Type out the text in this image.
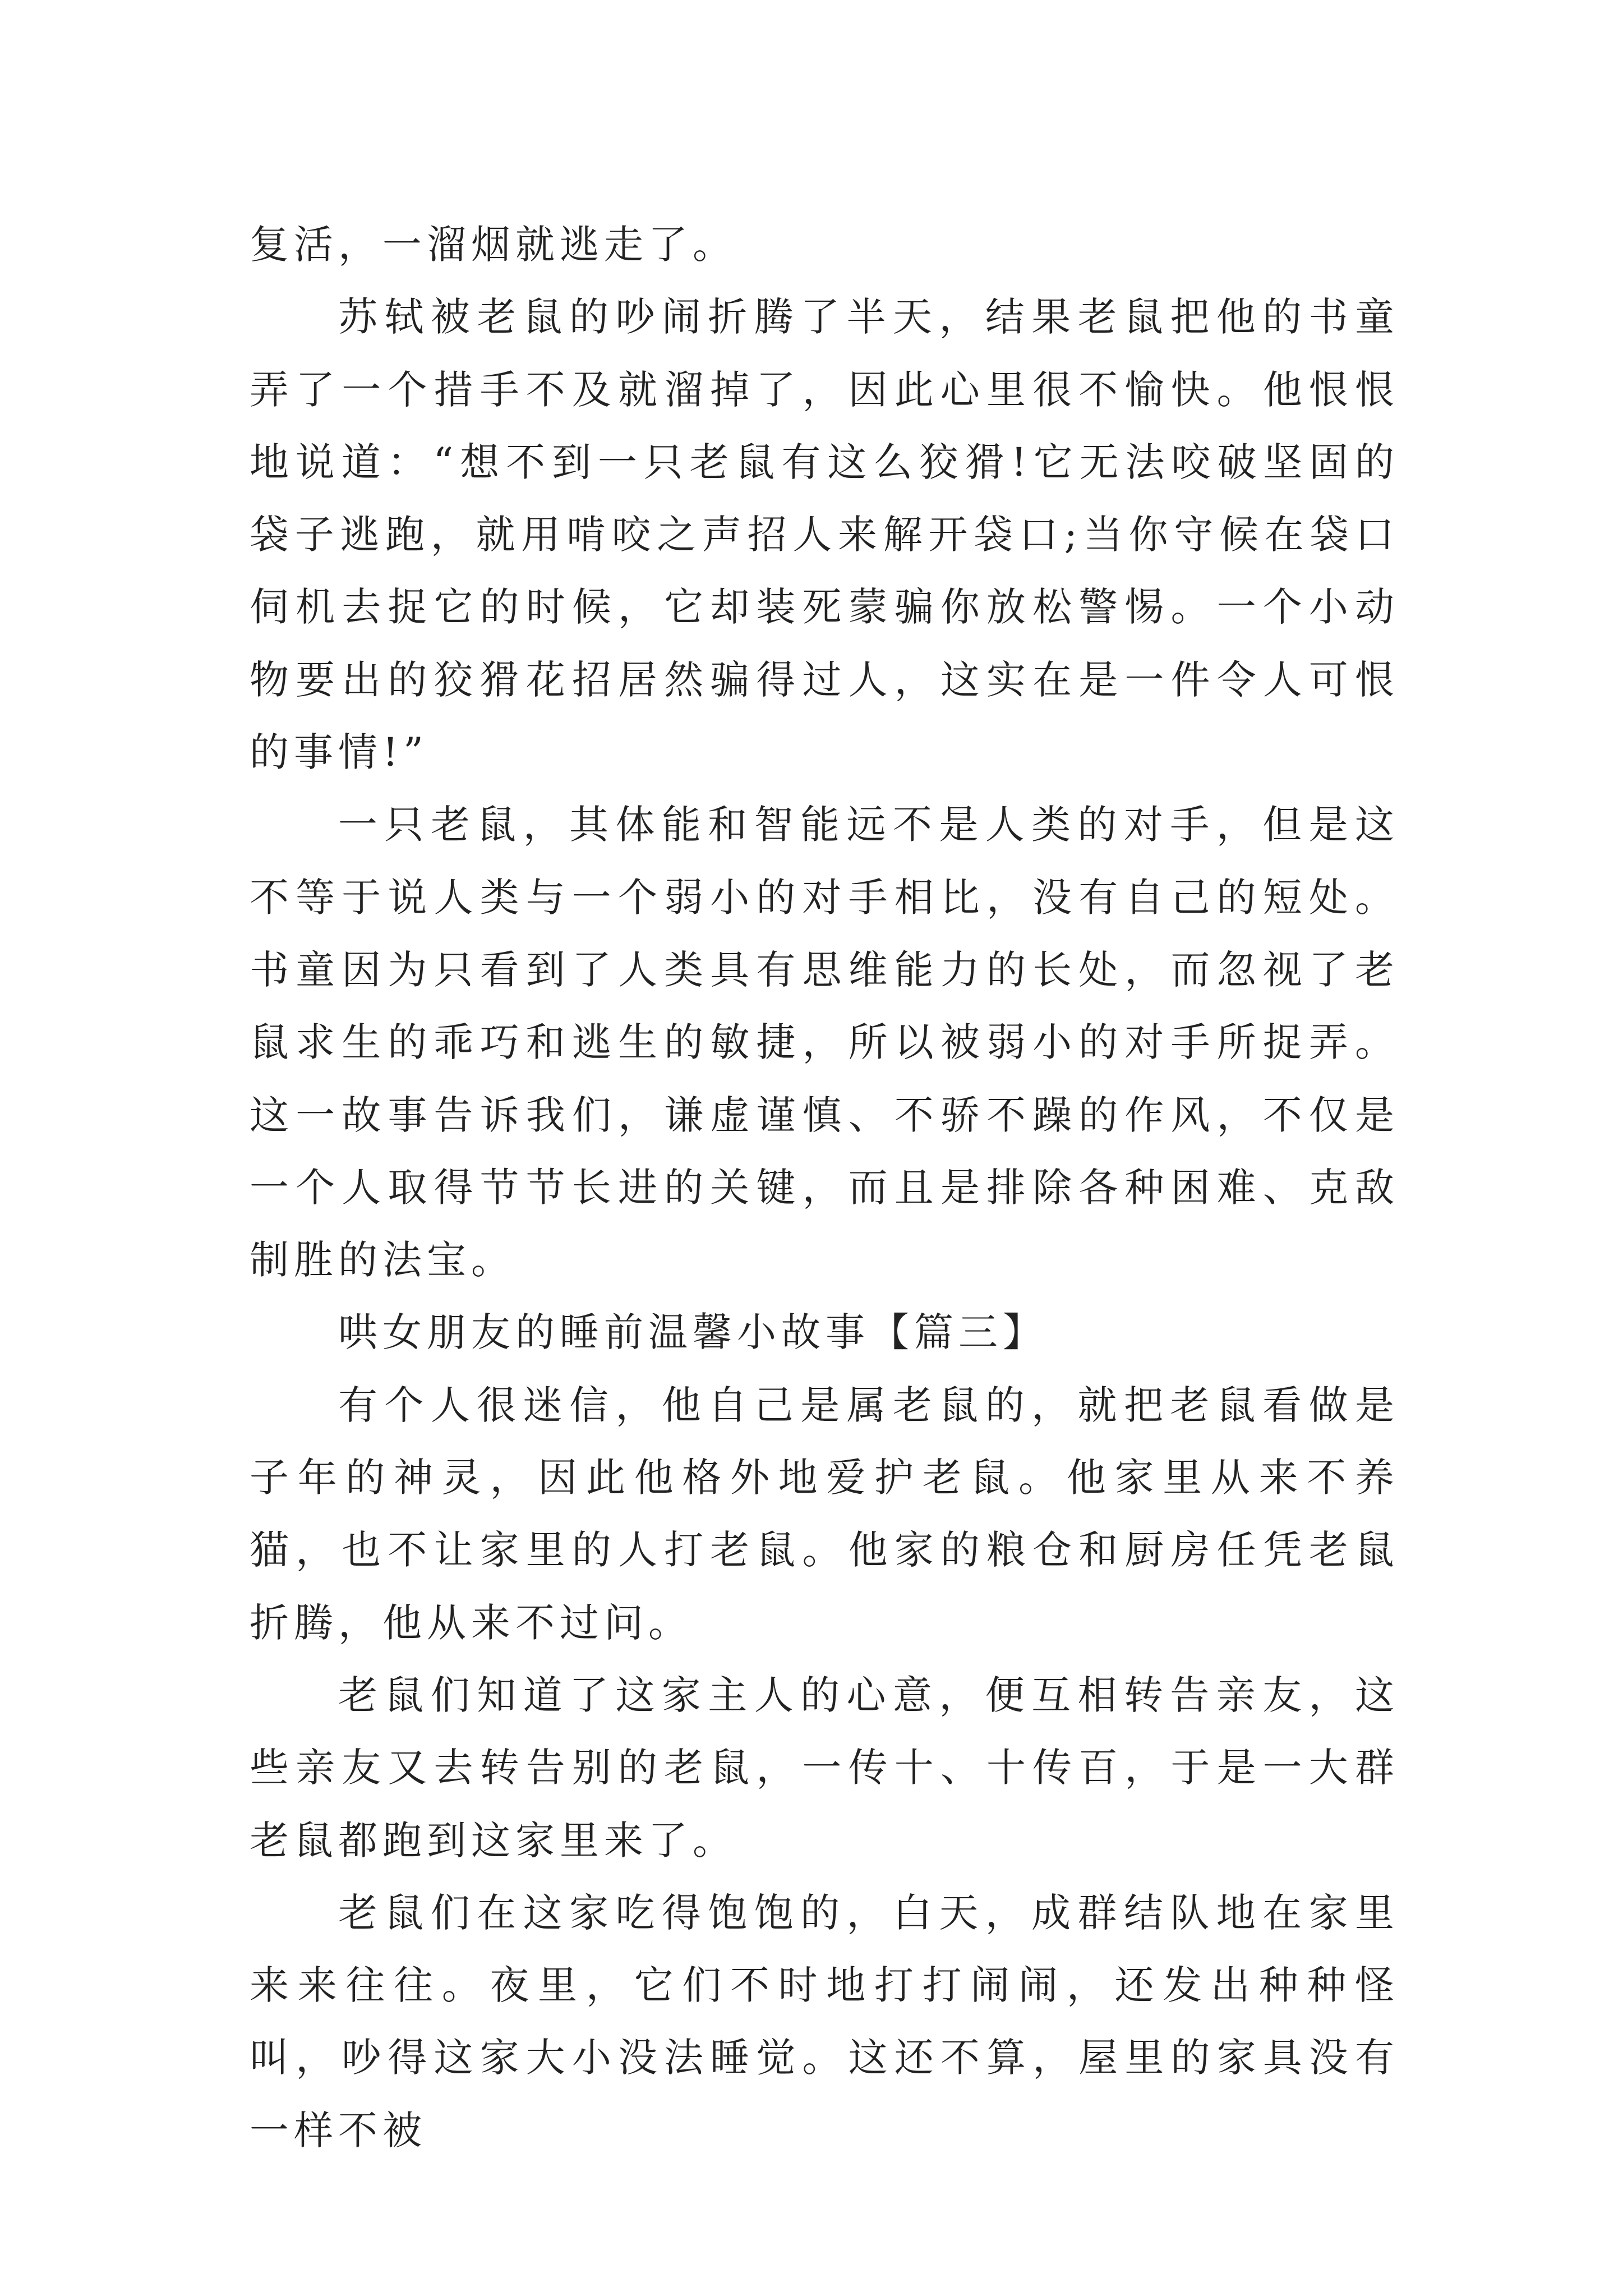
复活，一溜烟就逃走了。

苏轼被老鼠的吵闹折腾了半天，结果老鼠把他的书童弄了一个措手不及就溜掉了，因此心里很不愉快。他恨恨地说道：“想不到一只老鼠有这么狡猾!它无法咬破坚固的袋子逃跑，就用啃咬之声招人来解开袋口;当你守候在袋口伺机去捉它的时候，它却装死蒙骗你放松警惕。一个小动物要出的狡猾花招居然骗得过人，这实在是一件令人可恨的事情!”

一只老鼠，其体能和智能远不是人类的对手，但是这不等于说人类与一个弱小的对手相比，没有自己的短处。书童因为只看到了人类具有思维能力的长处，而忽视了老鼠求生的乖巧和逃生的敏捷，所以被弱小的对手所捉弄。这一故事告诉我们，谦虚谨慎、不骄不躁的作风，不仅是一个人取得节节长进的关键，而且是排除各种困难、克敌制胜的法宝。

哄女朋友的睡前温馨小故事【篇三】

有个人很迷信，他自己是属老鼠的，就把老鼠看做是子年的神灵，因此他格外地爱护老鼠。他家里从来不养猫，也不让家里的人打老鼠。他家的粮仓和厨房任凭老鼠折腾，他从来不过问。

老鼠们知道了这家主人的心意，便互相转告亲友，这些亲友又去转告别的老鼠，一传十、十传百，于是一大群老鼠都跑到这家里来了。

老鼠们在这家吃得饱饱的，白天，成群结队地在家里来来往往。夜里，它们不时地打打闹闹，还发出种种怪叫，吵得这家大小没法睡觉。这还不算，屋里的家具没有一样不被
